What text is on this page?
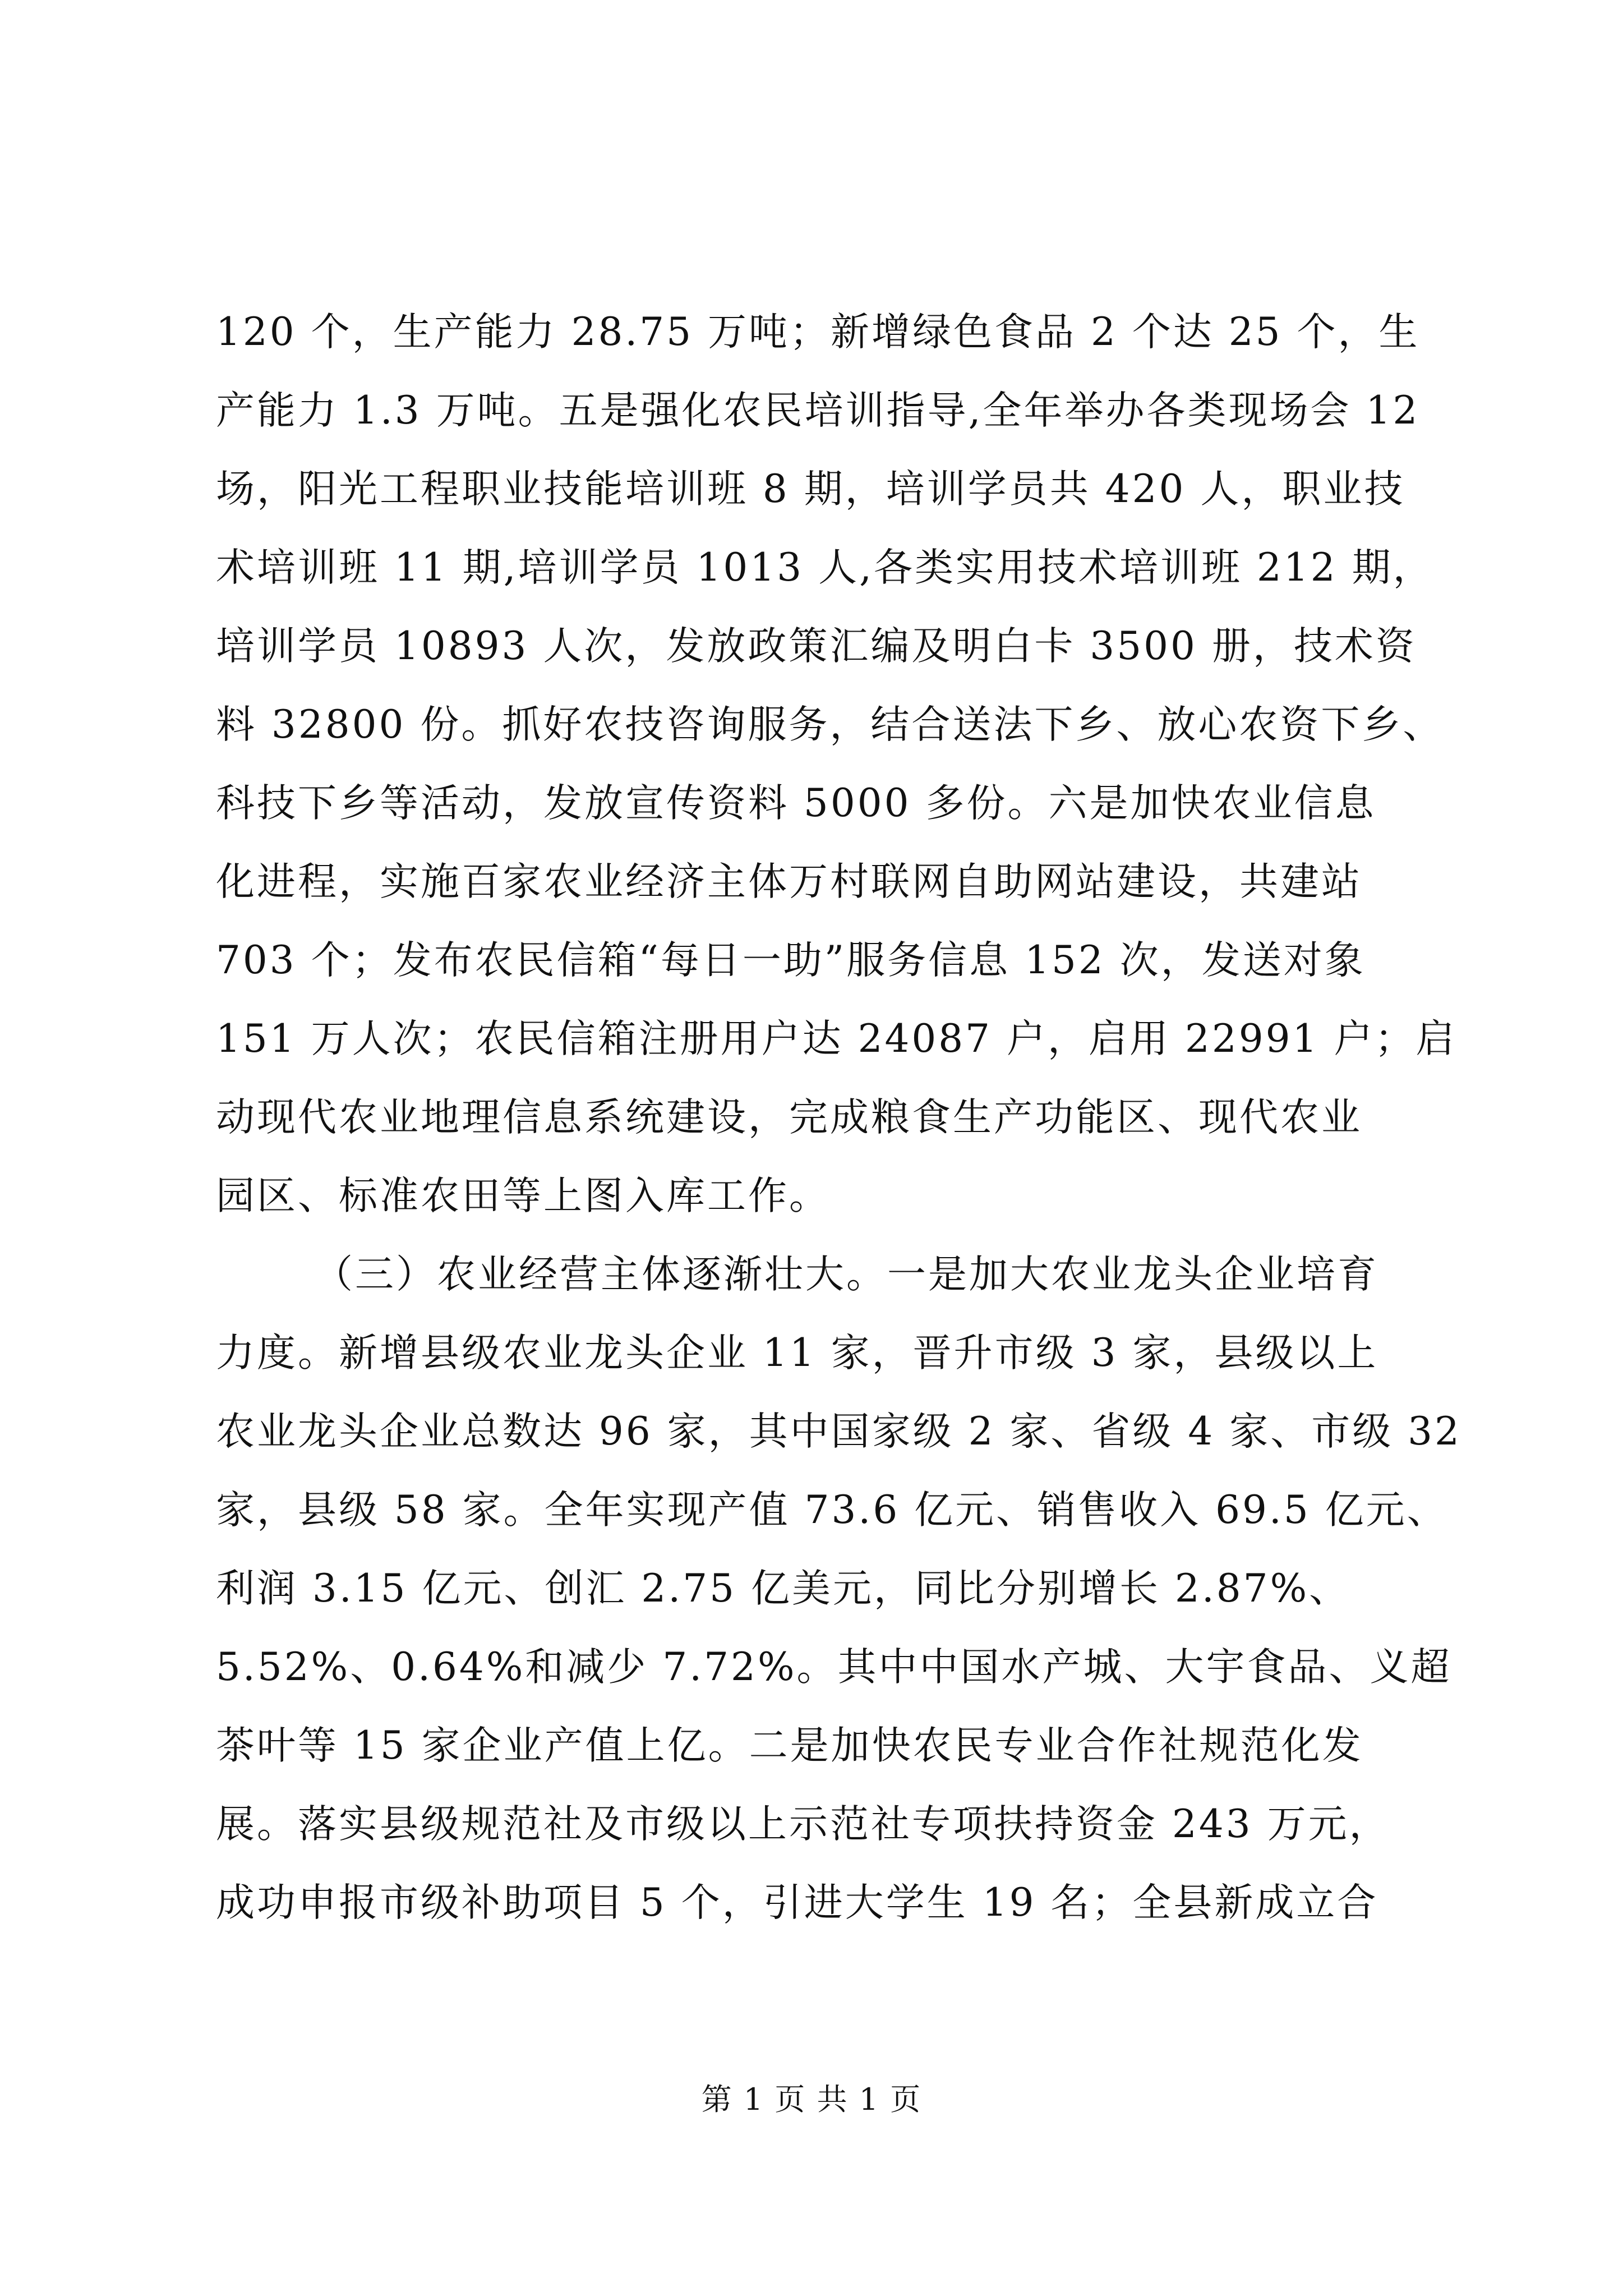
120 个，生产能力 28.75 万吨；新增绿色食品 2 个达 25 个，生
产能力 1.3 万吨。五是强化农民培训指导,全年举办各类现场会 12
场，阳光工程职业技能培训班 8 期，培训学员共 420 人，职业技
术培训班 11 期,培训学员 1013 人,各类实用技术培训班 212 期，
培训学员 10893 人次，发放政策汇编及明白卡 3500 册，技术资
料 32800 份。抓好农技咨询服务，结合送法下乡、放心农资下乡、
科技下乡等活动，发放宣传资料 5000 多份。六是加快农业信息
化进程，实施百家农业经济主体万村联网自助网站建设，共建站
703 个；发布农民信箱“每日一助”服务信息 152 次，发送对象
151 万人次；农民信箱注册用户达 24087 户，启用 22991 户；启
动现代农业地理信息系统建设，完成粮食生产功能区、现代农业
园区、标准农田等上图入库工作。
（三）农业经营主体逐渐壮大。一是加大农业龙头企业培育
力度。新增县级农业龙头企业 11 家，晋升市级 3 家，县级以上
农业龙头企业总数达 96 家，其中国家级 2 家、省级 4 家、市级 32
家，县级 58 家。全年实现产值 73.6 亿元、销售收入 69.5 亿元、
利润 3.15 亿元、创汇 2.75 亿美元，同比分别增长 2.87%、
5.52%、0.64%和减少 7.72%。其中中国水产城、大宇食品、义超
茶叶等 15 家企业产值上亿。二是加快农民专业合作社规范化发
展。落实县级规范社及市级以上示范社专项扶持资金 243 万元，
成功申报市级补助项目 5 个，引进大学生 19 名；全县新成立合
第 1 页 共 1 页
